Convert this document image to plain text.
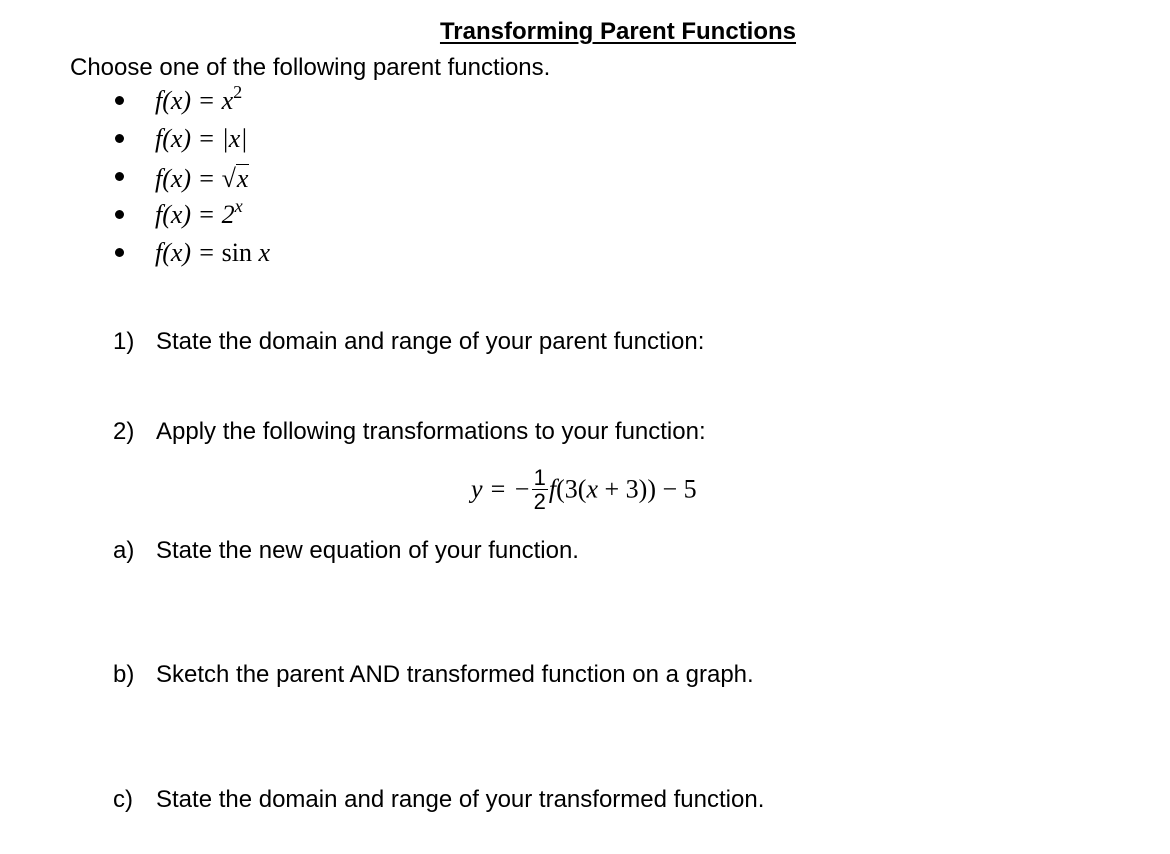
Transforming Parent Functions
Choose one of the following parent functions.
$f(x) = x^2$
f(x) = |x|
f(x) = √x
$f(x) = 2^x$
f(x) = sin x
1) State the domain and range of your parent function:
2) Apply the following transformations to your function:
y = − $\frac{1}{2} f(3(x + 3)) - 5$
a) State the new equation of your function.
b) Sketch the parent AND transformed function on a graph.
c) State the domain and range of your transformed function.
